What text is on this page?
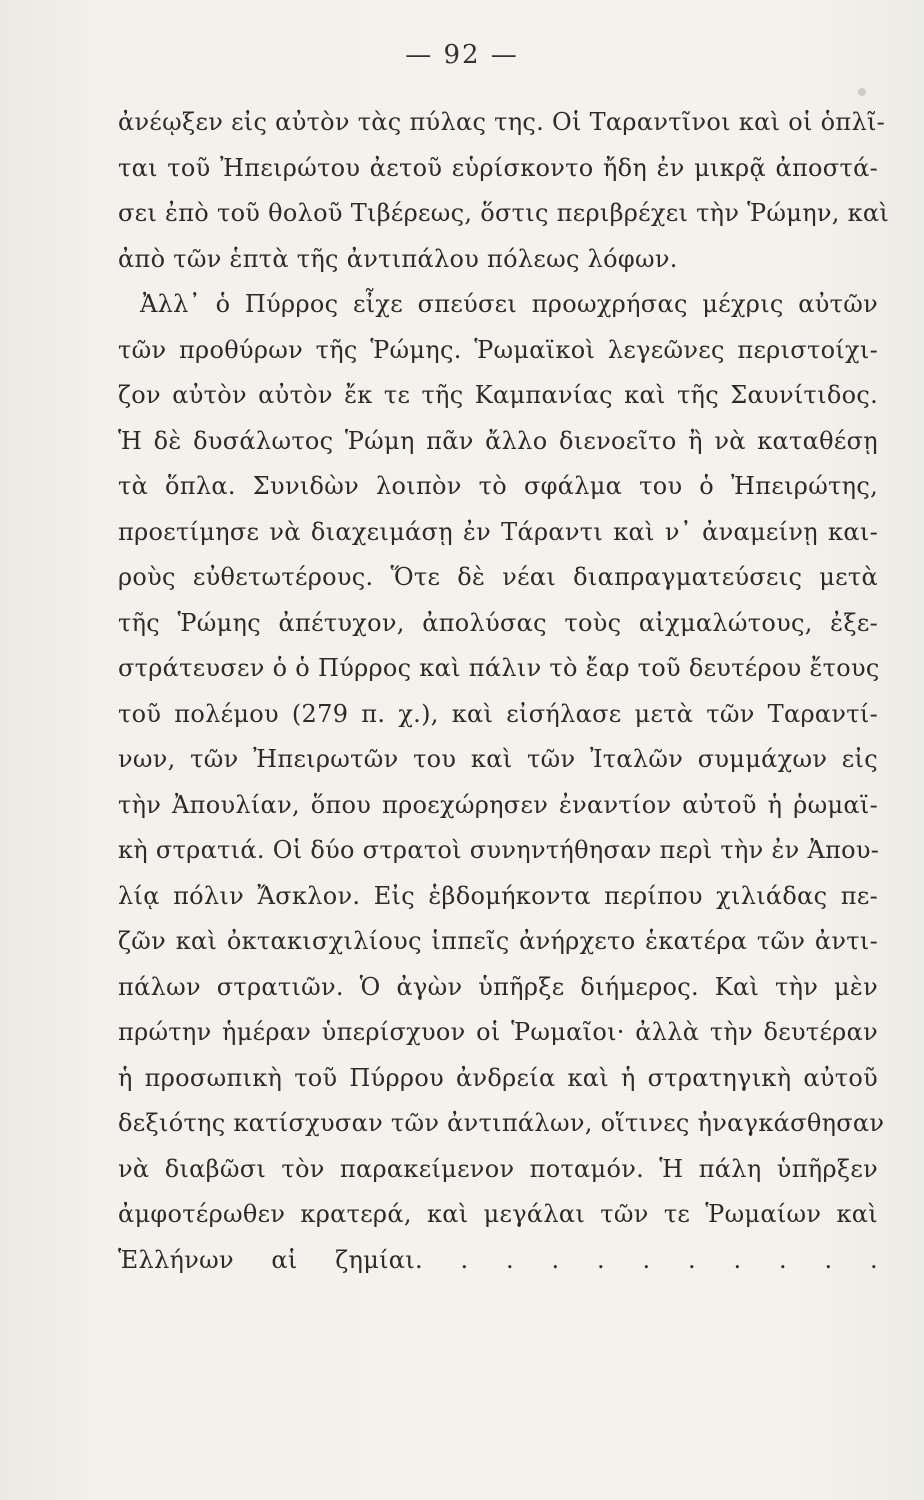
— 92 —
ἀνέῳξεν εἰς αὐτὸν τὰς πύλας της. Οἱ Ταραντῖνοι καὶ οἱ ὁπλῖ-
ται τοῦ Ἠπειρώτου ἀετοῦ εὑρίσκοντο ἤδη ἐν μικρᾷ ἀποστά-
σει ἐπὸ τοῦ θολοῦ Τιβέρεως, ὅστις περιβρέχει τὴν Ῥώμην, καὶ
ἀπὸ τῶν ἑπτὰ τῆς ἀντιπάλου πόλεως λόφων.
Ἀλλ᾿ ὁ Πύρρος εἶχε σπεύσει προωχρήσας μέχρις αὐτῶν
τῶν προθύρων τῆς Ῥώμης. Ῥωμαϊκοὶ λεγεῶνες περιστοίχι-
ζον αὐτὸν αὐτὸν ἔκ τε τῆς Καμπανίας καὶ τῆς Σαυνίτιδος.
Ἡ δὲ δυσάλωτος Ῥώμη πᾶν ἄλλο διενοεῖτο ἢ νὰ καταθέσῃ
τὰ ὅπλα. Συνιδὼν λοιπὸν τὸ σφάλμα του ὁ Ἠπειρώτης,
προετίμησε νὰ διαχειμάσῃ ἐν Τάραντι καὶ ν᾿ ἀναμείνῃ και-
ροὺς εὐθετωτέρους. Ὅτε δὲ νέαι διαπραγματεύσεις μετὰ
τῆς Ῥώμης ἀπέτυχον, ἀπολύσας τοὺς αἰχμαλώτους, ἐξε-
στράτευσεν ὁ ὁ Πύρρος καὶ πάλιν τὸ ἔαρ τοῦ δευτέρου ἔτους
τοῦ πολέμου (279 π. χ.), καὶ εἰσήλασε μετὰ τῶν Ταραντί-
νων, τῶν Ἠπειρωτῶν του καὶ τῶν Ἰταλῶν συμμάχων εἰς
τὴν Ἀπουλίαν, ὅπου προεχώρησεν ἐναντίον αὐτοῦ ἡ ῥωμαϊ-
κὴ στρατιά. Οἱ δύο στρατοὶ συνηντήθησαν περὶ τὴν ἐν Ἀπου-
λίᾳ πόλιν Ἄσκλον. Εἰς ἑβδομήκοντα περίπου χιλιάδας πε-
ζῶν καὶ ὀκτακισχιλίους ἱππεῖς ἀνήρχετο ἑκατέρα τῶν ἀντι-
πάλων στρατιῶν. Ὁ ἀγὼν ὑπῆρξε διήμερος. Καὶ τὴν μὲν
πρώτην ἡμέραν ὑπερίσχυον οἱ Ῥωμαῖοι· ἀλλὰ τὴν δευτέραν
ἡ προσωπικὴ τοῦ Πύρρου ἀνδρεία καὶ ἡ στρατηγικὴ αὐτοῦ
δεξιότης κατίσχυσαν τῶν ἀντιπάλων, οἵτινες ἠναγκάσθησαν
νὰ διαβῶσι τὸν παρακείμενον ποταμόν. Ἡ πάλη ὑπῆρξεν
ἀμφοτέρωθεν κρατερά, καὶ μεγάλαι τῶν τε Ῥωμαίων καὶ
Ἑλλήνων αἱ ζημίαι. . . . . . . . . . .
